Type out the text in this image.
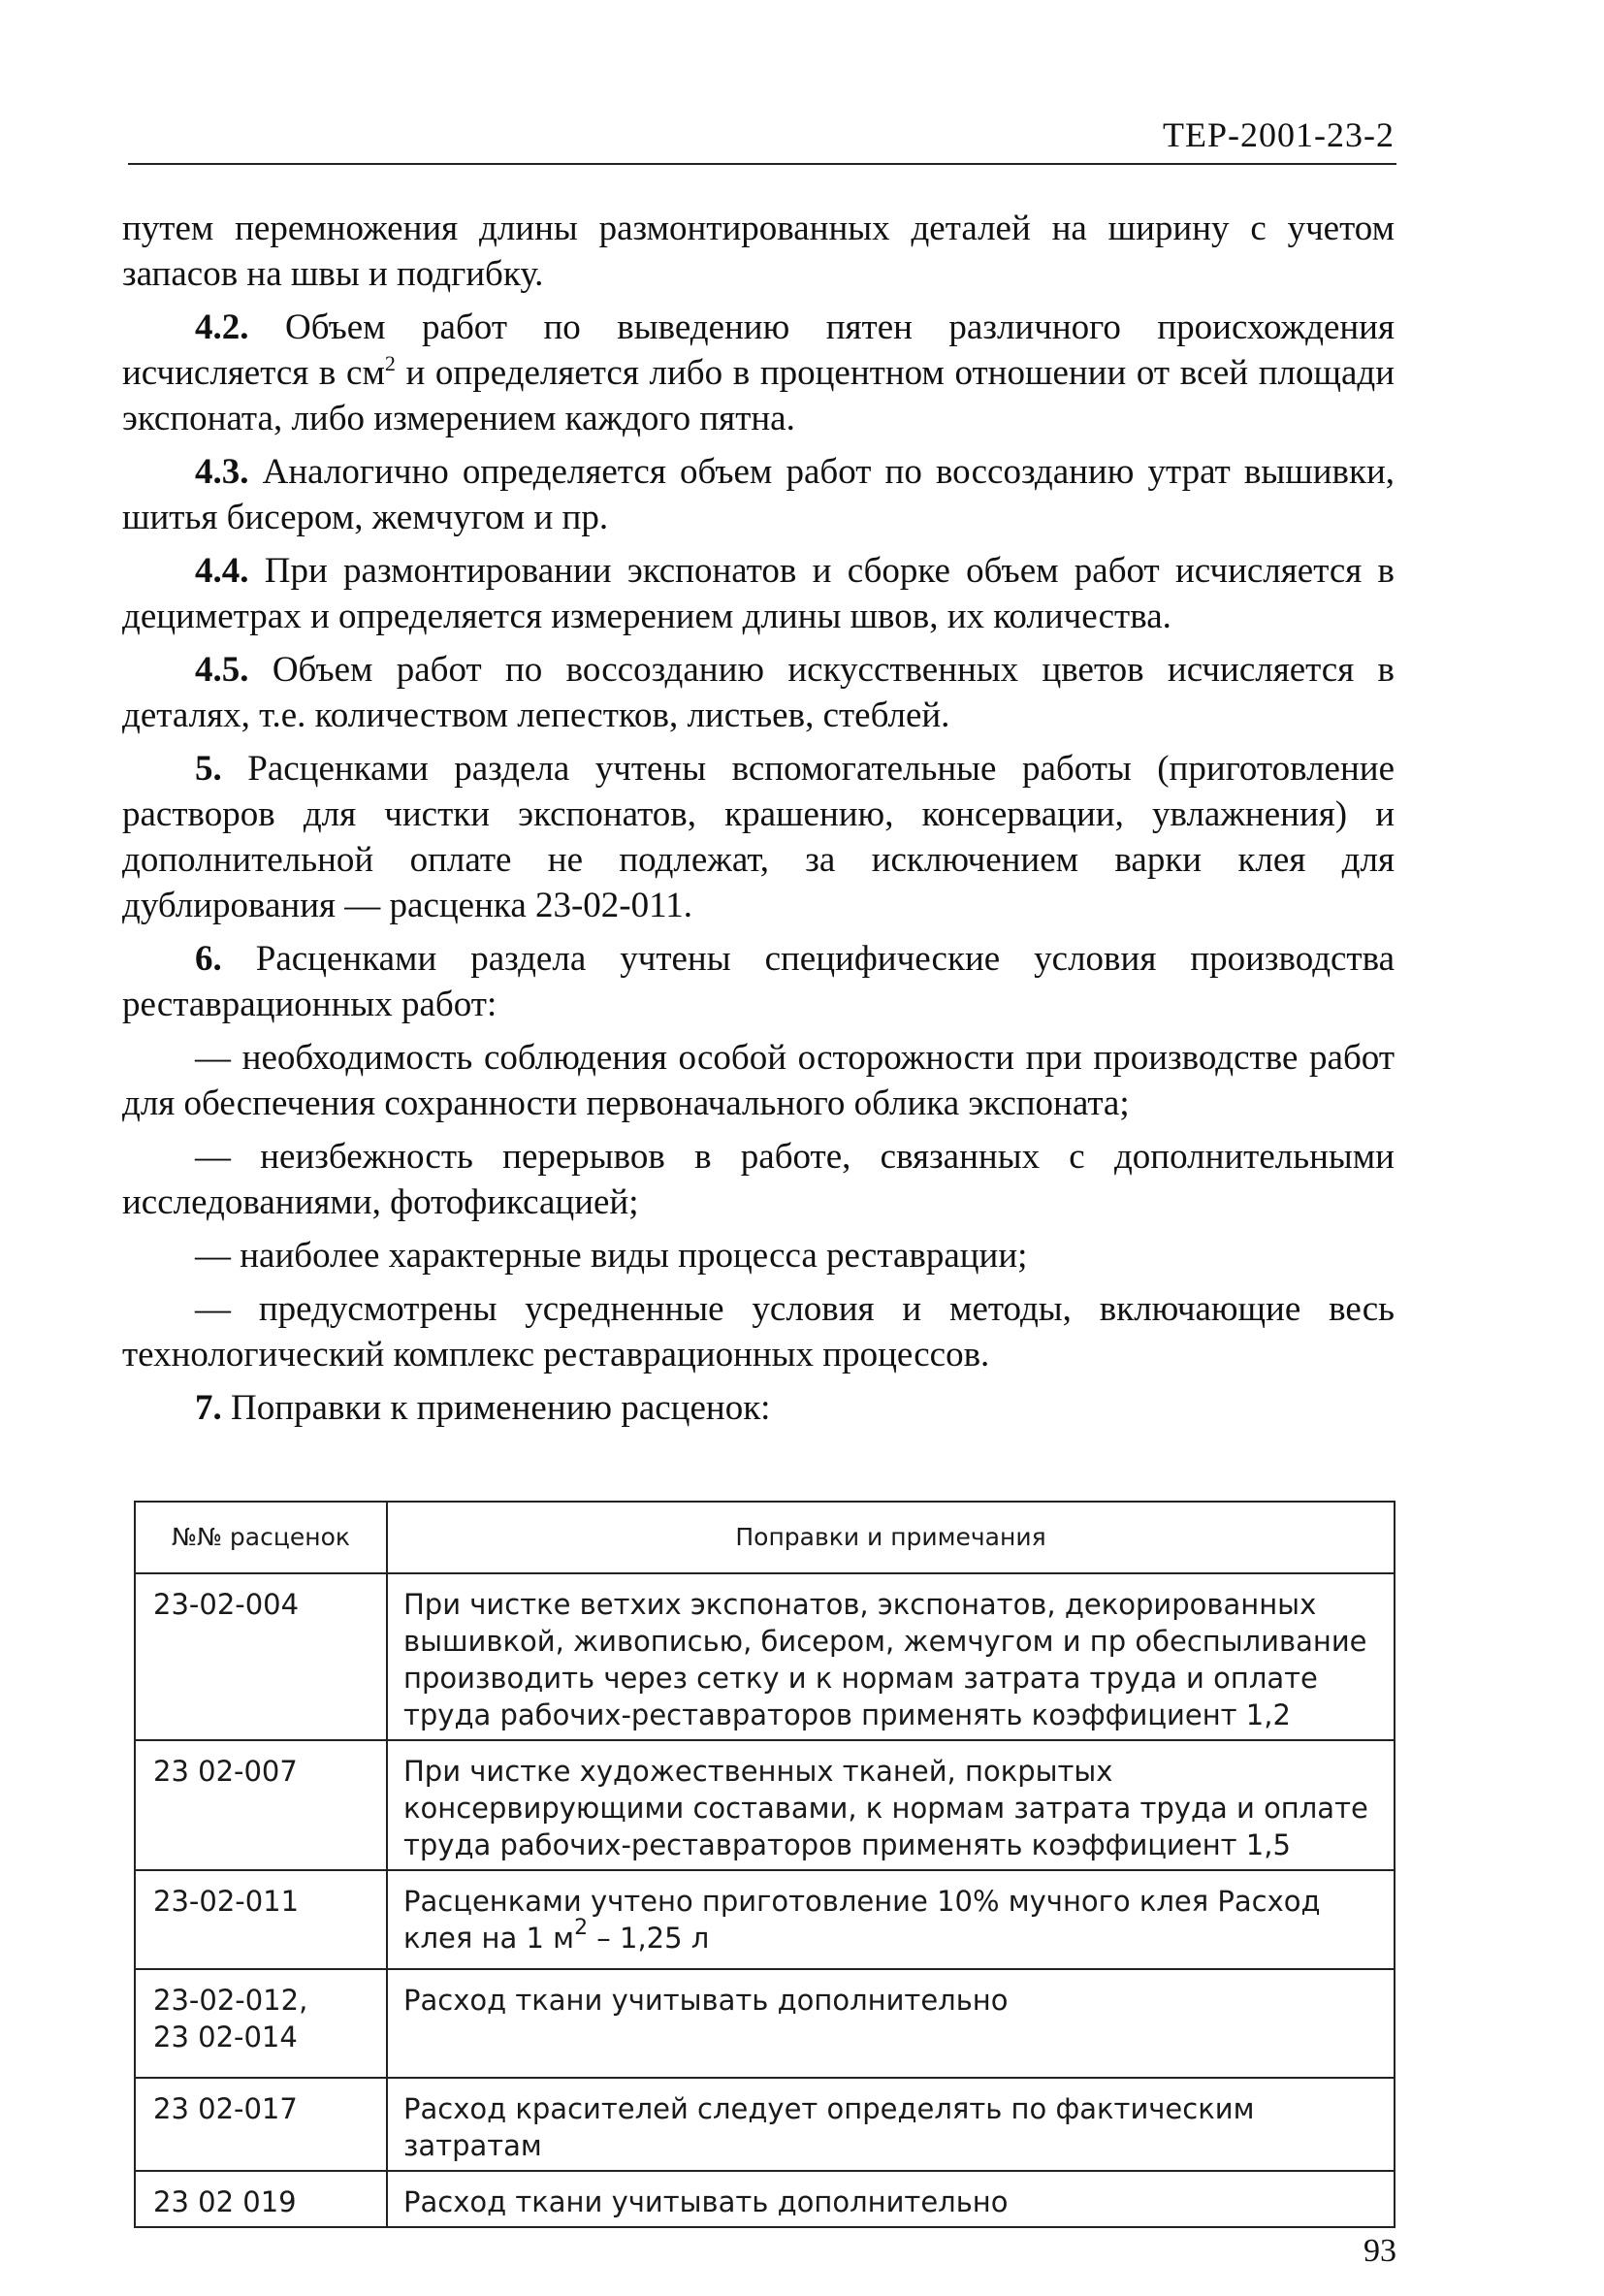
ТЕР-2001-23-2

путем перемножения длины размонтированных деталей на ширину с учетом запасов на швы и подгибку.

4.2. Объем работ по выведению пятен различного происхождения исчисляется в $см^2$ и определяется либо в процентном отношении от всей площади экспоната, либо измерением каждого пятна.

4.3. Аналогично определяется объем работ по воссозданию утрат вышивки, шитья бисером, жемчугом и пр.

4.4. При размонтировании экспонатов и сборке объем работ исчисляется в дециметрах и определяется измерением длины швов, их количества.

4.5. Объем работ по воссозданию искусственных цветов исчисляется в деталях, т.е. количеством лепестков, листьев, стеблей.

5. Расценками раздела учтены вспомогательные работы (приготовление растворов для чистки экспонатов, крашению, консервации, увлажнения) и дополнительной оплате не подлежат, за исключением варки клея для дублирования — расценка 23-02-011.

6. Расценками раздела учтены специфические условия производства реставрационных работ:

— необходимость соблюдения особой осторожности при производстве работ для обеспечения сохранности первоначального облика экспоната;

— неизбежность перерывов в работе, связанных с дополнительными исследованиями, фотофиксацией;

— наиболее характерные виды процесса реставрации;

— предусмотрены усредненные условия и методы, включающие весь технологический комплекс реставрационных процессов.

7. Поправки к применению расценок:

№№ расценок	Поправки и примечания
23-02-004	При чистке ветхих экспонатов, экспонатов, декорированных вышивкой, живописью, бисером, жемчугом и пр обеспыливание производить через сетку и к нормам затрата труда и оплате труда рабочих-реставраторов применять коэффициент 1,2
23 02-007	При чистке художественных тканей, покрытых консервирующими составами, к нормам затрата труда и оплате труда рабочих-реставраторов применять коэффициент 1,5
23-02-011	Расценками учтено приготовление 10% мучного клея Расход клея на 1 $м^2 - 1,25$ л

23-02-012,
23 02-014	Расход ткани учитывать дополнительно
23 02-017	Расход красителей следует определять по фактическим затратам
23 02 019	Расход ткани учитывать дополнительно
93
